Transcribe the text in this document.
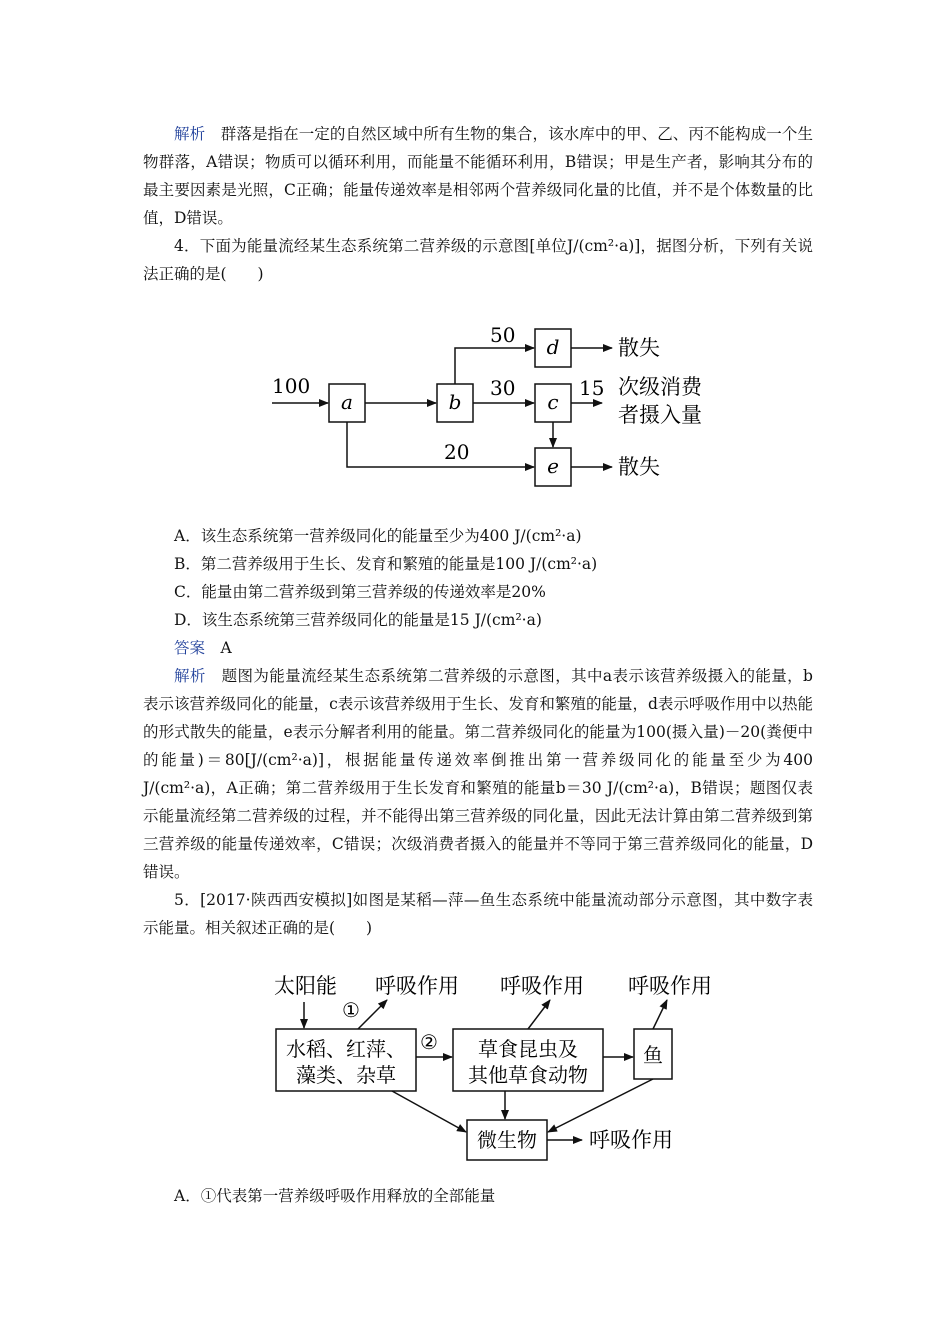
解析　 群落是指在一定的自然区域中所有生物的集合，该水库中的甲、乙、丙不能构成一个生物群落，A错误；物质可以循环利用，而能量不能循环利用，B错误；甲是生产者，影响其分布的最主要因素是光照，C正确；能量传递效率是相邻两个营养级同化量的比值，并不是个体数量的比值，D错误。

4．下面为能量流经某生态系统第二营养级的示意图[单位J/(cm²·a)]，据图分析，下列有关说法正确的是(　　)

a	b
d
c
e
100
50
30	15
20
散失
次级消费
者摄入量
散失

A．该生态系统第一营养级同化的能量至少为400 J/(cm²·a)

B．第二营养级用于生长、发育和繁殖的能量是100 J/(cm²·a)

C．能量由第二营养级到第三营养级的传递效率是20%

D．该生态系统第三营养级同化的能量是15 J/(cm²·a)

答案　 A

解析　 题图为能量流经某生态系统第二营养级的示意图，其中a表示该营养级摄入的能量，b表示该营养级同化的能量，c表示该营养级用于生长、发育和繁殖的能量，d表示呼吸作用中以热能的形式散失的能量，e表示分解者利用的能量。第二营养级同化的能量为100(摄入量)－20(粪便中的能量)＝80[J/(cm²·a)]，根据能量传递效率倒推出第一营养级同化的能量至少为400 J/(cm²·a)，A正确；第二营养级用于生长发育和繁殖的能量b＝30 J/(cm²·a)，B错误；题图仅表示能量流经第二营养级的过程，并不能得出第三营养级的同化量，因此无法计算由第二营养级到第三营养级的能量传递效率，C错误；次级消费者摄入的能量并不等同于第三营养级同化的能量，D错误。

5．[2017·陕西西安模拟]如图是某稻—萍—鱼生态系统中能量流动部分示意图，其中数字表示能量。相关叙述正确的是(　　)

太阳能 呼吸作用 呼吸作用 呼吸作用
①
②
水稻、红萍、
藻类、杂草
草食昆虫及
其他草食动物
鱼
微生物 呼吸作用

A．①代表第一营养级呼吸作用释放的全部能量
